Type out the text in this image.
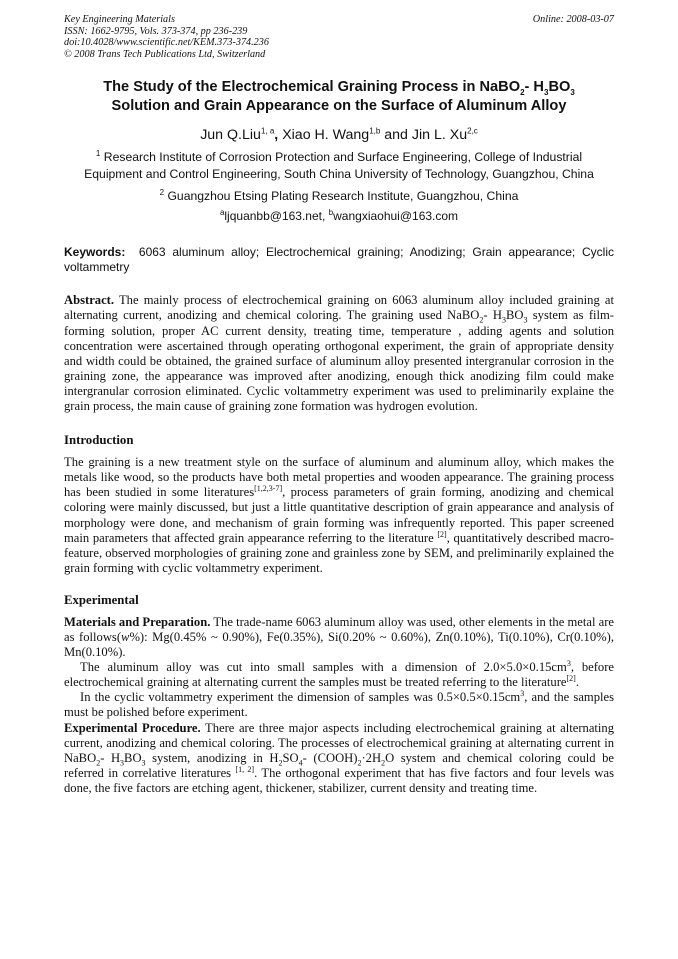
Key Engineering Materials
ISSN: 1662-9795, Vols. 373-374, pp 236-239
doi:10.4028/www.scientific.net/KEM.373-374.236
© 2008 Trans Tech Publications Ltd, Switzerland
Online: 2008-03-07
The Study of the Electrochemical Graining Process in NaBO$_2$- $H_3BO_3$
Solution and Grain Appearance on the Surface of Aluminum Alloy
Jun Q.Liu$^{1, a}$, Xiao H. Wang$^{1,b}$ and Jin L. Xu$^{2,c}$
$^1$ Research Institute of Corrosion Protection and Surface Engineering, College of Industrial
Equipment and Control Engineering, South China University of Technology, Guangzhou, China
$^2$ Guangzhou Etsing Plating Research Institute, Guangzhou, China
$^a$ljquanbb@163.net, $^b$wangxiaohui@163.com
Keywords: 6063 aluminum alloy; Electrochemical graining; Anodizing; Grain appearance; Cyclic voltammetry
Abstract. The mainly process of electrochemical graining on 6063 aluminum alloy included graining at alternating current, anodizing and chemical coloring. The graining used NaBO$_2$- $H_3BO_3$ system as film-forming solution, proper AC current density, treating time, temperature , adding agents and solution concentration were ascertained through operating orthogonal experiment, the grain of appropriate density and width could be obtained, the grained surface of aluminum alloy presented intergranular corrosion in the graining zone, the appearance was improved after anodizing, enough thick anodizing film could make intergranular corrosion eliminated. Cyclic voltammetry experiment was used to preliminarily explaine the grain process, the main cause of graining zone formation was hydrogen evolution.
Introduction
The graining is a new treatment style on the surface of aluminum and aluminum alloy, which makes the metals like wood, so the products have both metal properties and wooden appearance. The graining process has been studied in some literatures[1,2,3-7], process parameters of grain forming, anodizing and chemical coloring were mainly discussed, but just a little quantitative description of grain appearance and analysis of morphology were done, and mechanism of grain forming was infrequently reported. This paper screened main parameters that affected grain appearance referring to the literature [2], quantitatively described macro-feature, observed morphologies of graining zone and grainless zone by SEM, and preliminarily explained the grain forming with cyclic voltammetry experiment.
Experimental
Materials and Preparation. The trade-name 6063 aluminum alloy was used, other elements in the metal are as follows(w%): Mg(0.45% ~ 0.90%), Fe(0.35%), Si(0.20% ~ 0.60%), Zn(0.10%), Ti(0.10%), Cr(0.10%), Mn(0.10%).
The aluminum alloy was cut into small samples with a dimension of $2.0\times 5.0\times 0.15cm^3$, before electrochemical graining at alternating current the samples must be treated referring to the literature[2].
In the cyclic voltammetry experiment the dimension of samples was $0.5\times 0.5\times 0.15cm^3$, and the samples must be polished before experiment.
Experimental Procedure. There are three major aspects including electrochemical graining at alternating current, anodizing and chemical coloring. The processes of electrochemical graining at alternating current in NaBO$_2$- $H_3BO_3$ system, anodizing in $H_2SO_4-$ $(COOH)_2\cdot 2H_2O$ system and chemical coloring could be referred in correlative literatures [1, 2]. The orthogonal experiment that has five factors and four levels was done, the five factors are etching agent, thickener, stabilizer, current density and treating time.
